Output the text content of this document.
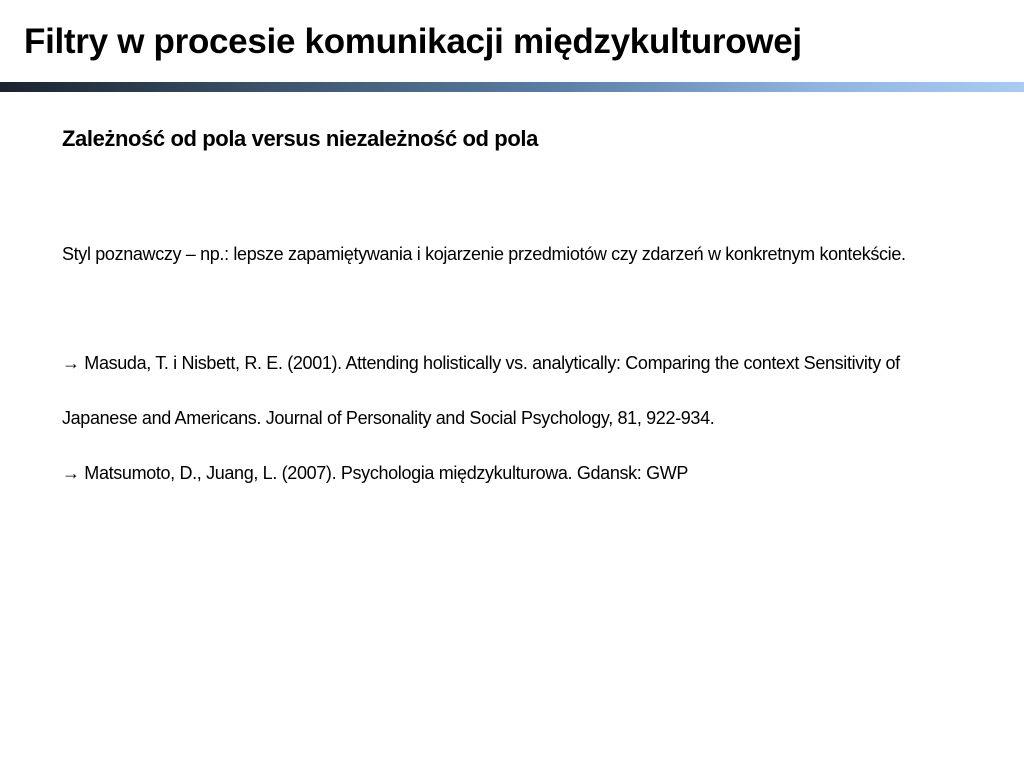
Filtry w procesie komunikacji międzykulturowej
Zależność od pola versus niezależność od pola

Styl poznawczy – np.: lepsze zapamiętywania i kojarzenie przedmiotów czy zdarzeń w konkretnym kontekście.

→ Masuda, T. i Nisbett, R. E. (2001). Attending holistically vs. analytically: Comparing the context Sensitivity of

Japanese and Americans. Journal of Personality and Social Psychology, 81, 922-934.

→ Matsumoto, D., Juang, L. (2007). Psychologia międzykulturowa. Gdansk: GWP
